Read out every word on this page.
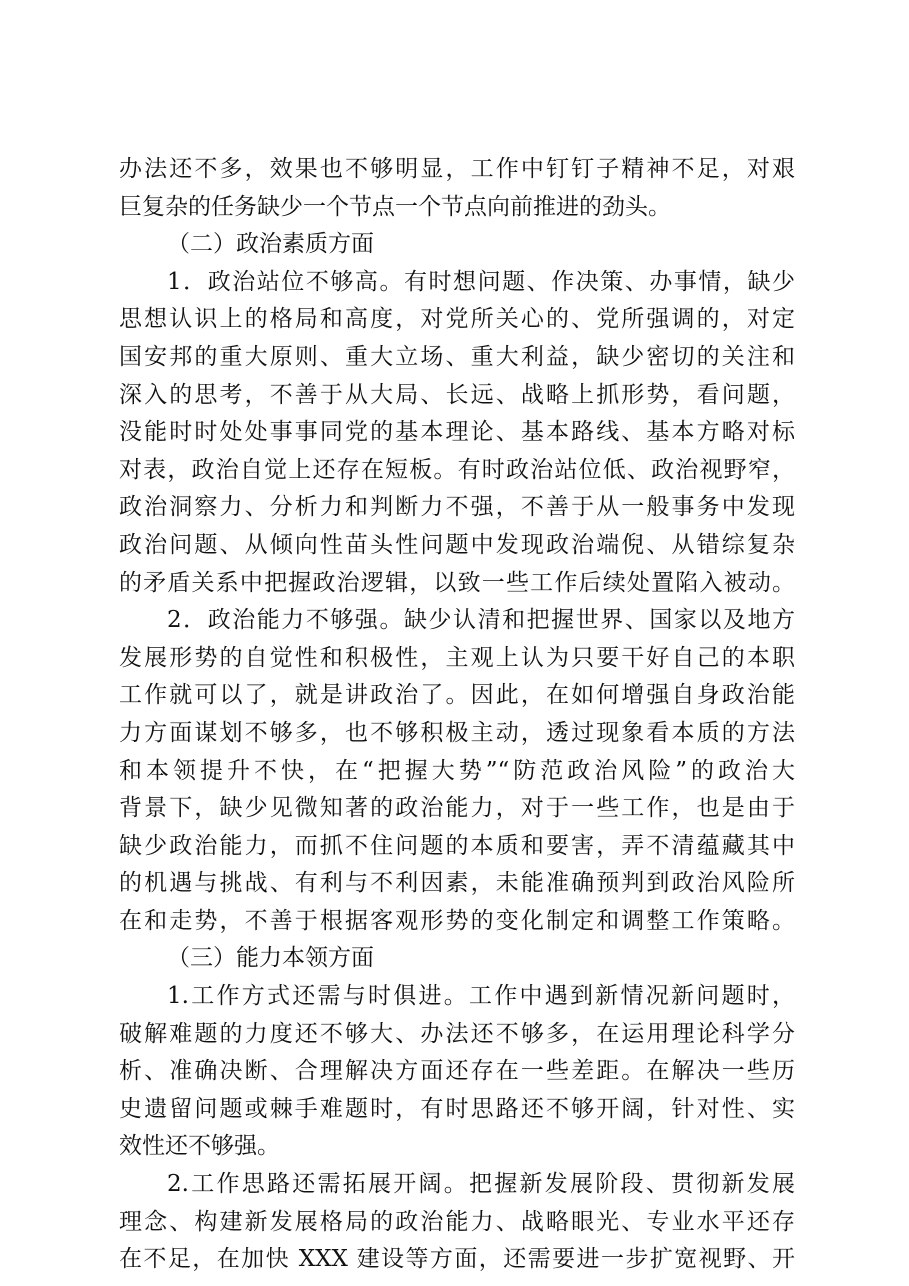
办法还不多，效果也不够明显，工作中钉钉子精神不足，对艰
巨复杂的任务缺少一个节点一个节点向前推进的劲头。
（二）政治素质方面
1．政治站位不够高。有时想问题、作决策、办事情，缺少
思想认识上的格局和高度，对党所关心的、党所强调的，对定
国安邦的重大原则、重大立场、重大利益，缺少密切的关注和
深入的思考，不善于从大局、长远、战略上抓形势，看问题，
没能时时处处事事同党的基本理论、基本路线、基本方略对标
对表，政治自觉上还存在短板。有时政治站位低、政治视野窄，
政治洞察力、分析力和判断力不强，不善于从一般事务中发现
政治问题、从倾向性苗头性问题中发现政治端倪、从错综复杂
的矛盾关系中把握政治逻辑，以致一些工作后续处置陷入被动。
2．政治能力不够强。缺少认清和把握世界、国家以及地方
发展形势的自觉性和积极性，主观上认为只要干好自己的本职
工作就可以了，就是讲政治了。因此，在如何增强自身政治能
力方面谋划不够多，也不够积极主动，透过现象看本质的方法
和本领提升不快，在“把握大势”“防范政治风险”的政治大
背景下，缺少见微知著的政治能力，对于一些工作，也是由于
缺少政治能力，而抓不住问题的本质和要害，弄不清蕴藏其中
的机遇与挑战、有利与不利因素，未能准确预判到政治风险所
在和走势，不善于根据客观形势的变化制定和调整工作策略。
（三）能力本领方面
1.工作方式还需与时俱进。工作中遇到新情况新问题时，
破解难题的力度还不够大、办法还不够多，在运用理论科学分
析、准确决断、合理解决方面还存在一些差距。在解决一些历
史遗留问题或棘手难题时，有时思路还不够开阔，针对性、实
效性还不够强。
2.工作思路还需拓展开阔。把握新发展阶段、贯彻新发展
理念、构建新发展格局的政治能力、战略眼光、专业水平还存
在不足，在加快 XXX 建设等方面，还需要进一步扩宽视野、开
